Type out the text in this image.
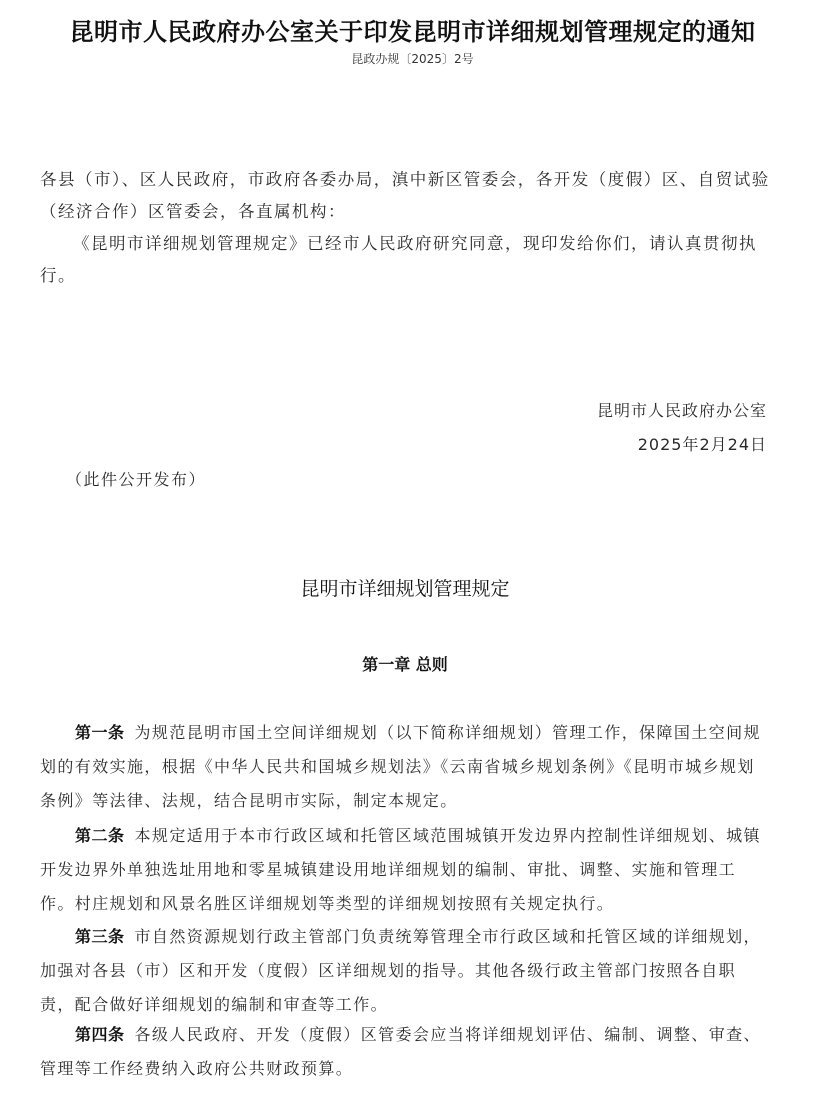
昆明市人民政府办公室关于印发昆明市详细规划管理规定的通知
昆政办规〔2025〕2号
各县（市）、区人民政府，市政府各委办局，滇中新区管委会，各开发（度假）区、自贸试验（经济合作）区管委会，各直属机构：
《昆明市详细规划管理规定》已经市人民政府研究同意，现印发给你们，请认真贯彻执行。
昆明市人民政府办公室
2025年2月24日
（此件公开发布）
昆明市详细规划管理规定
第一章 总则
第一条 为规范昆明市国土空间详细规划（以下简称详细规划）管理工作，保障国土空间规划的有效实施，根据《中华人民共和国城乡规划法》《云南省城乡规划条例》《昆明市城乡规划条例》等法律、法规，结合昆明市实际，制定本规定。
第二条 本规定适用于本市行政区域和托管区域范围城镇开发边界内控制性详细规划、城镇开发边界外单独选址用地和零星城镇建设用地详细规划的编制、审批、调整、实施和管理工作。村庄规划和风景名胜区详细规划等类型的详细规划按照有关规定执行。
第三条 市自然资源规划行政主管部门负责统筹管理全市行政区域和托管区域的详细规划，加强对各县（市）区和开发（度假）区详细规划的指导。其他各级行政主管部门按照各自职责，配合做好详细规划的编制和审查等工作。
第四条 各级人民政府、开发（度假）区管委会应当将详细规划评估、编制、调整、审查、管理等工作经费纳入政府公共财政预算。
